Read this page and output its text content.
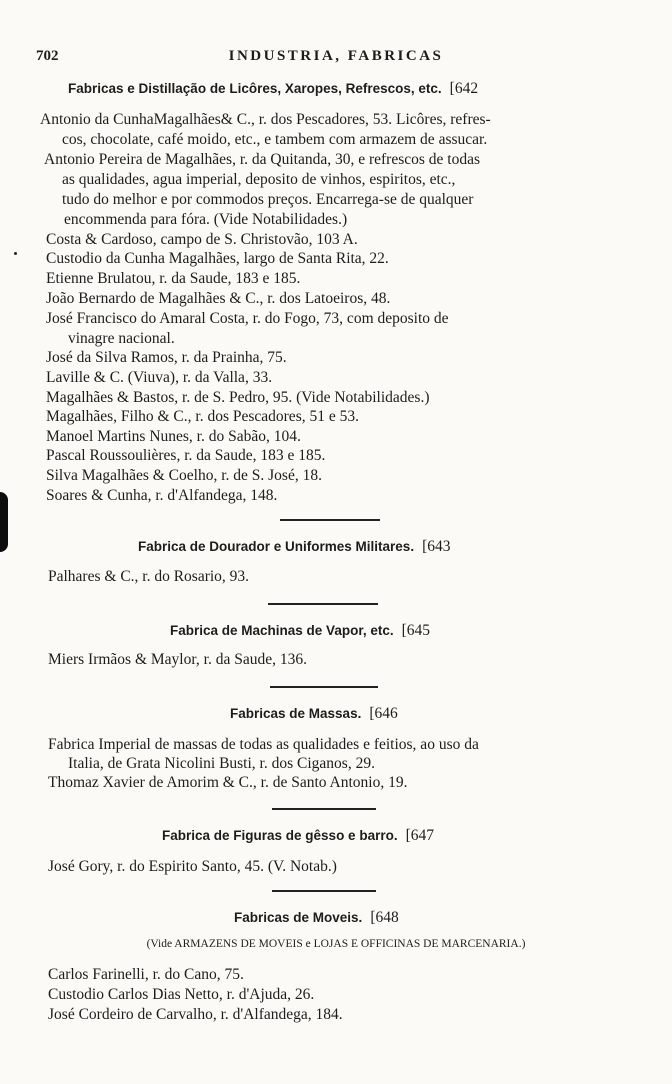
702	INDUSTRIA, FABRICAS
Fabricas e Distillação de Licôres, Xaropes, Refrescos, etc. [642
Antonio da CunhaMagalhães& C., r. dos Pescadores, 53. Licôres, refres-
cos, chocolate, café moido, etc., e tambem com armazem de assucar.
Antonio Pereira de Magalhães, r. da Quitanda, 30, e refrescos de todas
as qualidades, agua imperial, deposito de vinhos, espiritos, etc.,
tudo do melhor e por commodos preços. Encarrega-se de qualquer
encommenda para fóra. (Vide Notabilidades.)
Costa & Cardoso, campo de S. Christovão, 103 A.
Custodio da Cunha Magalhães, largo de Santa Rita, 22.
Etienne Brulatou, r. da Saude, 183 e 185.
João Bernardo de Magalhães & C., r. dos Latoeiros, 48.
José Francisco do Amaral Costa, r. do Fogo, 73, com deposito de
vinagre nacional.
José da Silva Ramos, r. da Prainha, 75.
Laville & C. (Viuva), r. da Valla, 33.
Magalhães & Bastos, r. de S. Pedro, 95. (Vide Notabilidades.)
Magalhães, Filho & C., r. dos Pescadores, 51 e 53.
Manoel Martins Nunes, r. do Sabão, 104.
Pascal Roussoulières, r. da Saude, 183 e 185.
Silva Magalhães & Coelho, r. de S. José, 18.
Soares & Cunha, r. d'Alfandega, 148.
Fabrica de Dourador e Uniformes Militares. [643
Palhares & C., r. do Rosario, 93.
Fabrica de Machinas de Vapor, etc. [645
Miers Irmãos & Maylor, r. da Saude, 136.
Fabricas de Massas. [646
Fabrica Imperial de massas de todas as qualidades e feitios, ao uso da
Italia, de Grata Nicolini Busti, r. dos Ciganos, 29.
Thomaz Xavier de Amorim & C., r. de Santo Antonio, 19.
Fabrica de Figuras de gêsso e barro. [647
José Gory, r. do Espirito Santo, 45. (V. Notab.)
Fabricas de Moveis. [648
(Vide ARMAZENS DE MOVEIS e LOJAS E OFFICINAS DE MARCENARIA.)
Carlos Farinelli, r. do Cano, 75.
Custodio Carlos Dias Netto, r. d'Ajuda, 26.
José Cordeiro de Carvalho, r. d'Alfandega, 184.
